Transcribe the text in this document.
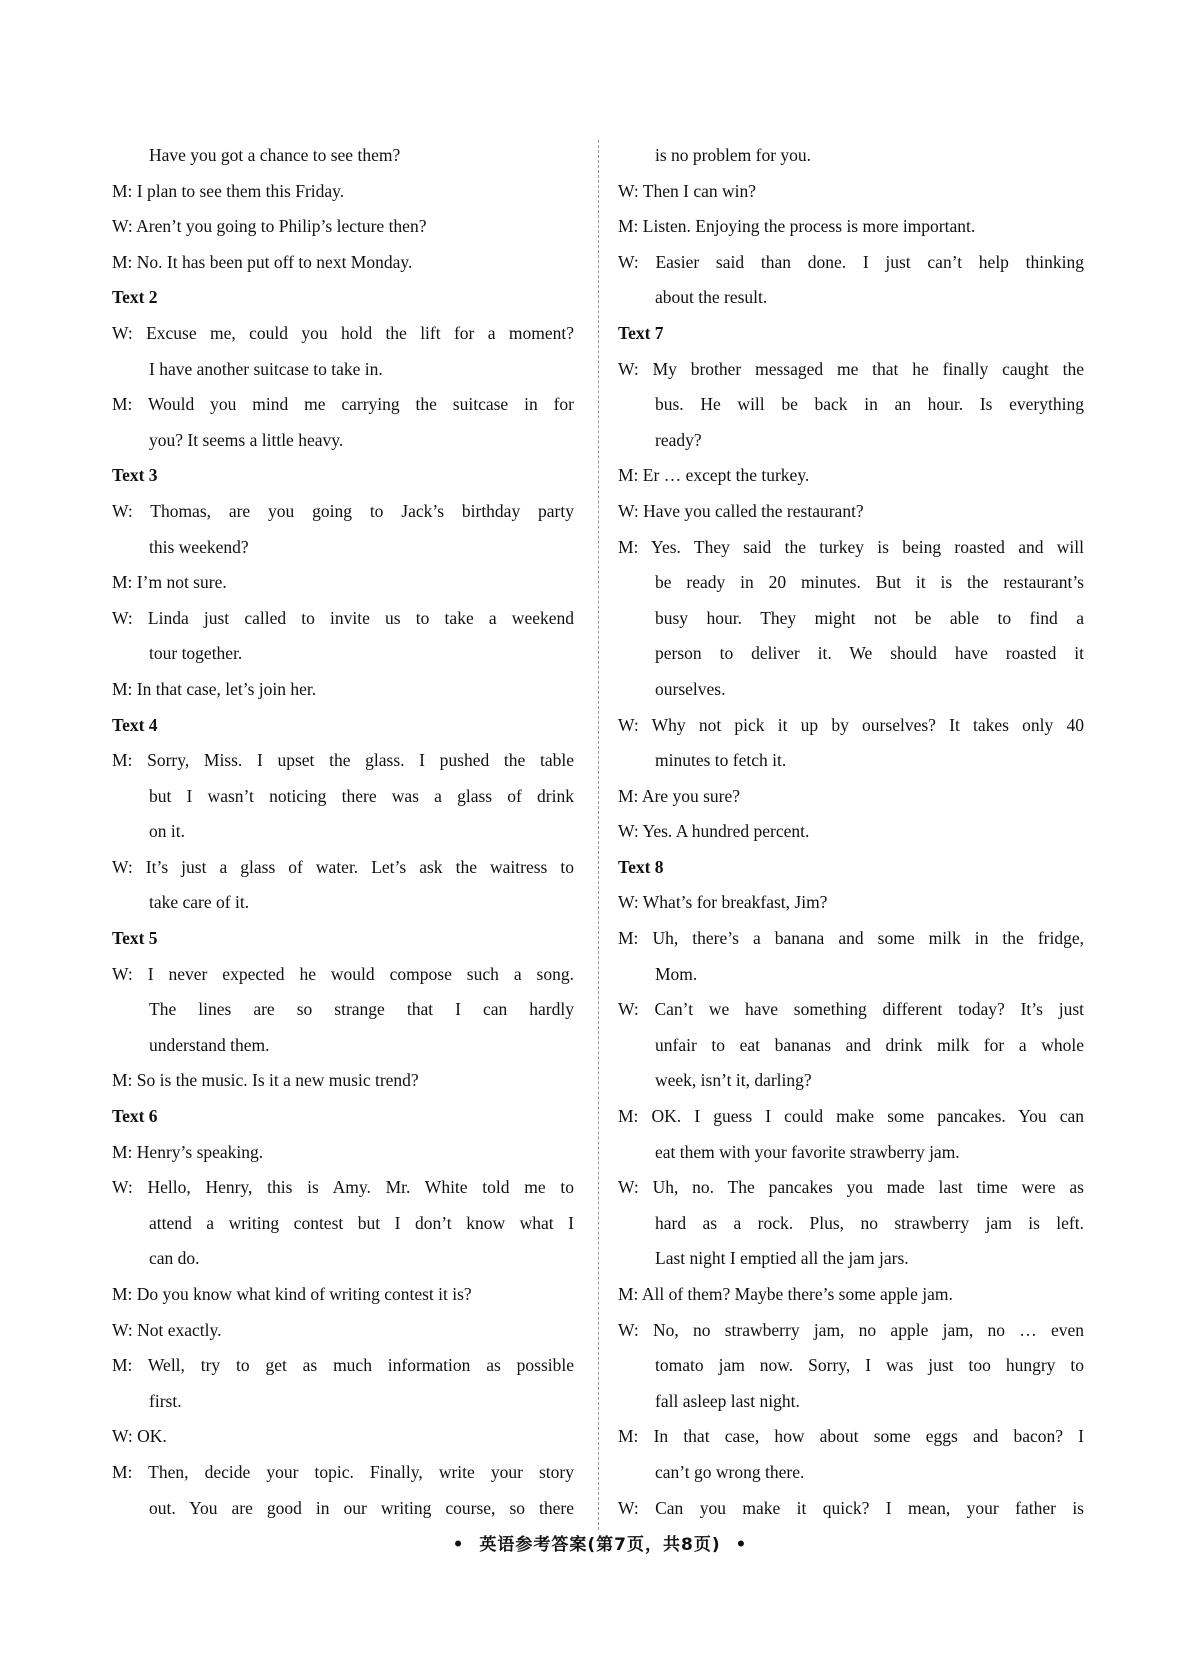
Have you got a chance to see them?
M: I plan to see them this Friday.
W: Aren’t you going to Philip’s lecture then?
M: No. It has been put off to next Monday.
Text 2
W: Excuse me, could you hold the lift for a moment?
I have another suitcase to take in.
M: Would you mind me carrying the suitcase in for
you? It seems a little heavy.
Text 3
W: Thomas, are you going to Jack’s birthday party
this weekend?
M: I’m not sure.
W: Linda just called to invite us to take a weekend
tour together.
M: In that case, let’s join her.
Text 4
M: Sorry, Miss. I upset the glass. I pushed the table
but I wasn’t noticing there was a glass of drink
on it.
W: It’s just a glass of water. Let’s ask the waitress to
take care of it.
Text 5
W: I never expected he would compose such a song.
The lines are so strange that I can hardly
understand them.
M: So is the music. Is it a new music trend?
Text 6
M: Henry’s speaking.
W: Hello, Henry, this is Amy. Mr. White told me to
attend a writing contest but I don’t know what I
can do.
M: Do you know what kind of writing contest it is?
W: Not exactly.
M: Well, try to get as much information as possible
first.
W: OK.
M: Then, decide your topic. Finally, write your story
out. You are good in our writing course, so there
is no problem for you.
W: Then I can win?
M: Listen. Enjoying the process is more important.
W: Easier said than done. I just can’t help thinking
about the result.
Text 7
W: My brother messaged me that he finally caught the
bus. He will be back in an hour. Is everything
ready?
M: Er … except the turkey.
W: Have you called the restaurant?
M: Yes. They said the turkey is being roasted and will
be ready in 20 minutes. But it is the restaurant’s
busy hour. They might not be able to find a
person to deliver it. We should have roasted it
ourselves.
W: Why not pick it up by ourselves? It takes only 40
minutes to fetch it.
M: Are you sure?
W: Yes. A hundred percent.
Text 8
W: What’s for breakfast, Jim?
M: Uh, there’s a banana and some milk in the fridge,
Mom.
W: Can’t we have something different today? It’s just
unfair to eat bananas and drink milk for a whole
week, isn’t it, darling?
M: OK. I guess I could make some pancakes. You can
eat them with your favorite strawberry jam.
W: Uh, no. The pancakes you made last time were as
hard as a rock. Plus, no strawberry jam is left.
Last night I emptied all the jam jars.
M: All of them? Maybe there’s some apple jam.
W: No, no strawberry jam, no apple jam, no … even
tomato jam now. Sorry, I was just too hungry to
fall asleep last night.
M: In that case, how about some eggs and bacon? I
can’t go wrong there.
W: Can you make it quick? I mean, your father is
• 英语参考答案(第7页，共8页) •
